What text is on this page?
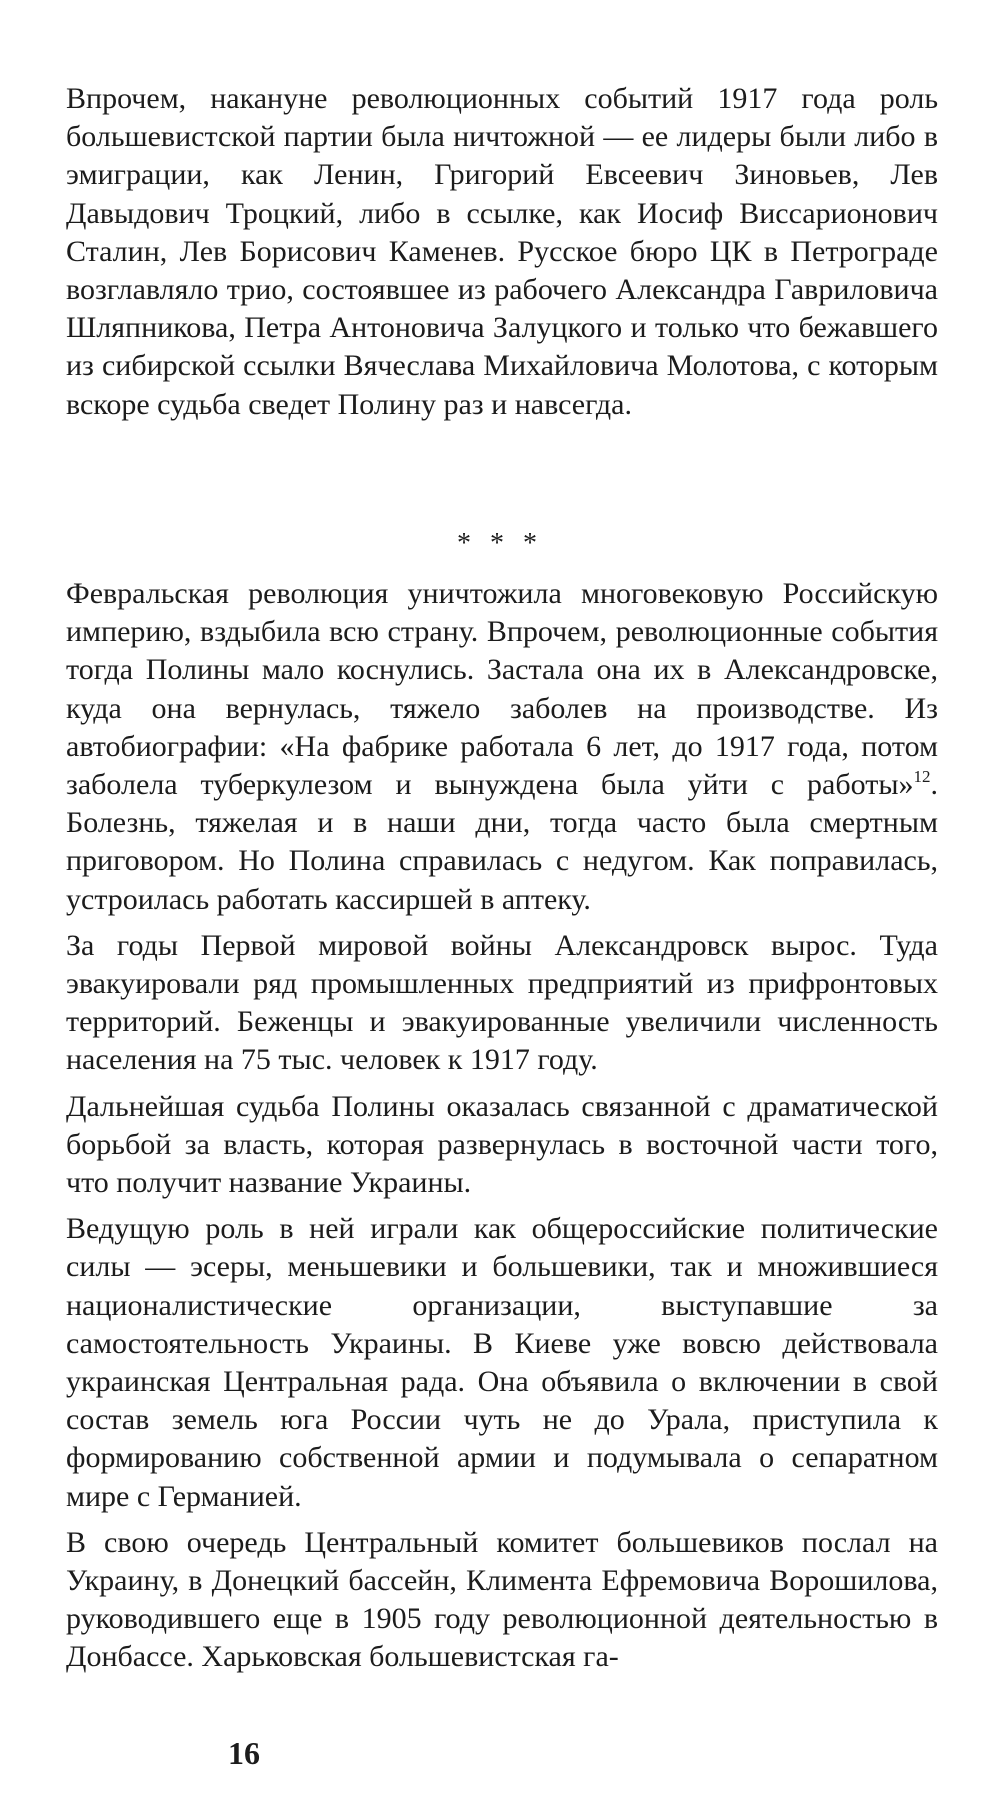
Впрочем, накануне революционных событий 1917 года роль большевистской партии была ничтожной — ее лидеры были либо в эмиграции, как Ленин, Григорий Евсеевич Зиновьев, Лев Давыдович Троцкий, либо в ссылке, как Иосиф Виссарионович Сталин, Лев Борисович Каменев. Русское бюро ЦК в Петрограде возглавляло трио, состоявшее из рабочего Александра Гавриловича Шляпникова, Петра Антоновича Залуцкого и только что бежавшего из сибирской ссылки Вячеслава Михайловича Молотова, с которым вскоре судьба сведет Полину раз и навсегда.

* * *

Февральская революция уничтожила многовековую Российскую империю, вздыбила всю страну. Впрочем, революционные события тогда Полины мало коснулись. Застала она их в Александровске, куда она вернулась, тяжело заболев на производстве. Из автобиографии: «На фабрике работала 6 лет, до 1917 года, потом заболела туберкулезом и вынуждена была уйти с работы»$^{12}$. Болезнь, тяжелая и в наши дни, тогда часто была смертным приговором. Но Полина справилась с недугом. Как поправилась, устроилась работать кассиршей в аптеку.

За годы Первой мировой войны Александровск вырос. Туда эвакуировали ряд промышленных предприятий из прифронтовых территорий. Беженцы и эвакуированные увеличили численность населения на 75 тыс. человек к 1917 году.

Дальнейшая судьба Полины оказалась связанной с драматической борьбой за власть, которая развернулась в восточной части того, что получит название Украины.

Ведущую роль в ней играли как общероссийские политические силы — эсеры, меньшевики и большевики, так и множившиеся националистические организации, выступавшие за самостоятельность Украины. В Киеве уже вовсю действовала украинская Центральная рада. Она объявила о включении в свой состав земель юга России чуть не до Урала, приступила к формированию собственной армии и подумывала о сепаратном мире с Германией.

В свою очередь Центральный комитет большевиков послал на Украину, в Донецкий бассейн, Климента Ефремовича Ворошилова, руководившего еще в 1905 году революционной деятельностью в Донбассе. Харьковская большевистская га-

16
